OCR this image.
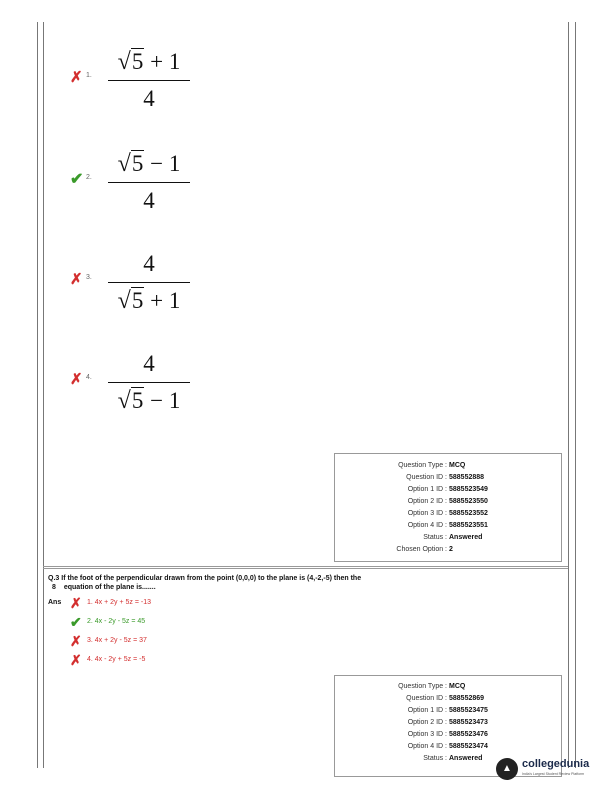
✗ 1.
√5 + 1
4
✔ 2.
√5 − 1
4
✗ 3.
4
√5 + 1
✗ 4.
4
√5 − 1
Question Type : MCQ
Question ID : 588552888
Option 1 ID : 5885523549
Option 2 ID : 5885523550
Option 3 ID : 5885523552
Option 4 ID : 5885523551
Status : Answered
Chosen Option : 2
Q.3 If the foot of the perpendicular drawn from the point (0,0,0) to the plane is (4,-2,-5) then the
8 equation of the plane is.......
Ans ✗ 1. 4x + 2y + 5z = -13
✔ 2. 4x - 2y - 5z = 45
✗ 3. 4x + 2y - 5z = 37
✗ 4. 4x - 2y + 5z = -5
Question Type : MCQ
Question ID : 588552869
Option 1 ID : 5885523475
Option 2 ID : 5885523473
Option 3 ID : 5885523476
Option 4 ID : 5885523474
Status : Answered
▲ collegedunia
India's Largest Student Review Platform
